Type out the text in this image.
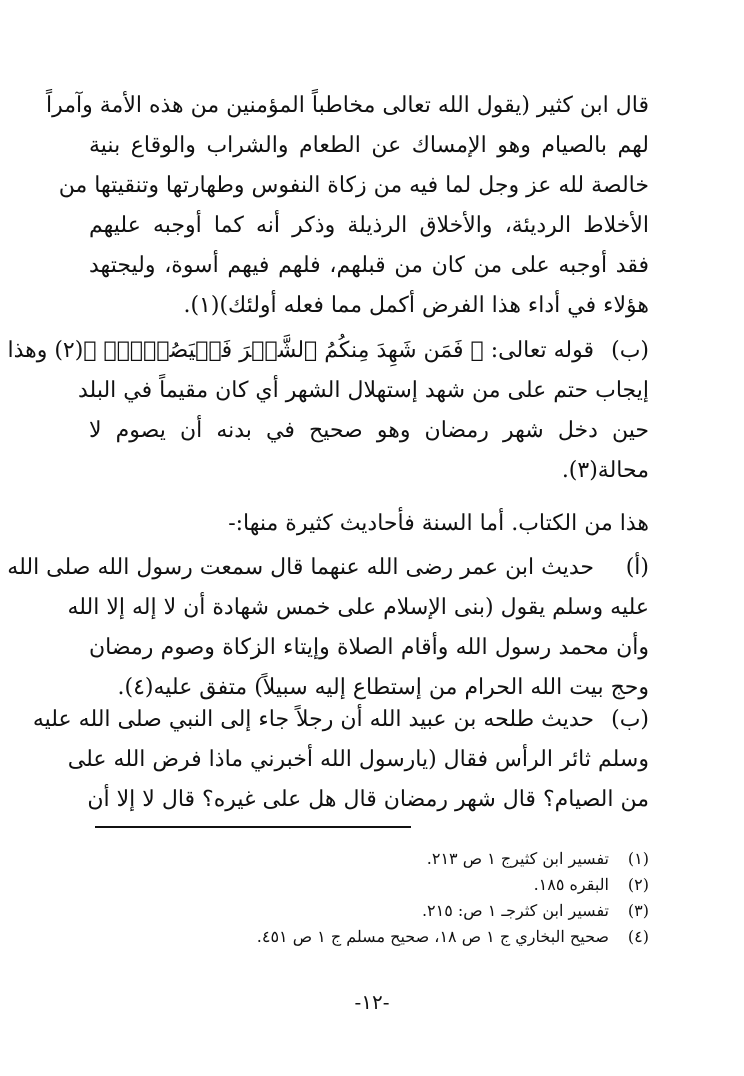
قال ابن كثير (يقول الله تعالى مخاطباً المؤمنين من هذه الأمة وآمراً
لهم بالصيام وهو الإمساك عن الطعام والشراب والوقاع بنية
خالصة لله عز وجل لما فيه من زكاة النفوس وطهارتها وتنقيتها من
الأخلاط الرديئة، والأخلاق الرذيلة وذكر أنه كما أوجبه عليهم
فقد أوجبه على من كان من قبلهم، فلهم فيهم أسوة، وليجتهد
هؤلاء في أداء هذا الفرض أكمل مما فعله أولئك)(١).
(ب)
قوله تعالى: ﴿ فَمَن شَهِدَ مِنكُمُ ٱلشَّهۡرَ فَلۡيَصُمۡهُۖ ﴾(٢) وهذا
إيجاب حتم على من شهد إستهلال الشهر أي كان مقيماً في البلد
حين دخل شهر رمضان وهو صحيح في بدنه أن يصوم لا
محالة(٣).
هذا من الكتاب. أما السنة فأحاديث كثيرة منها:-
(أ)
حديث ابن عمر رضى الله عنهما قال سمعت رسول الله صلى الله
عليه وسلم يقول (بنى الإسلام على خمس شهادة أن لا إله إلا الله
وأن محمد رسول الله وأقام الصلاة وإيتاء الزكاة وصوم رمضان
وحج بيت الله الحرام من إستطاع إليه سبيلاً) متفق عليه(٤).
(ب)
حديث طلحه بن عبيد الله أن رجلاً جاء إلى النبي صلى الله عليه
وسلم ثائر الرأس فقال (يارسول الله أخبرني ماذا فرض الله على
من الصيام؟ قال شهر رمضان قال هل على غيره؟ قال لا إلا أن
(١)تفسير ابن كثيرج ١ ص ٢١٣.
(٢)البقره ١٨٥.
(٣)تفسير ابن كثرجـ ١ ص: ٢١٥.
(٤)صحيح البخاري ج ١ ص ١٨، صحيح مسلم ج ١ ص ٤٥١.
-١٢-
